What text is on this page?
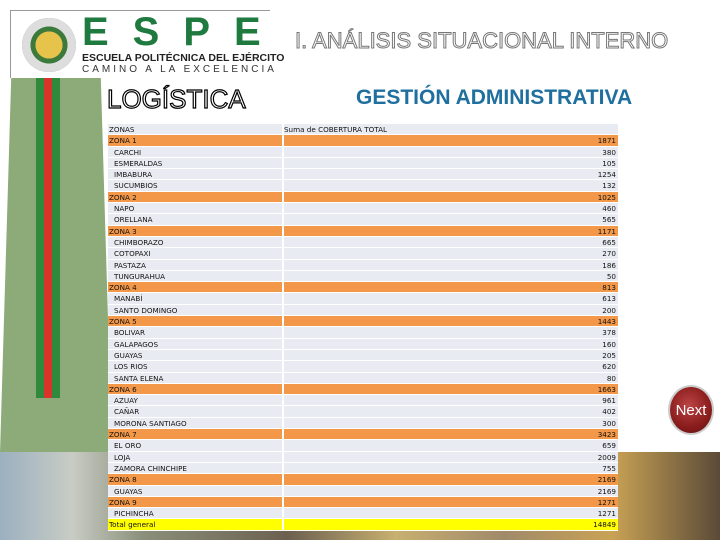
ESPE
ESCUELA POLITÉCNICA DEL EJÉRCITO
CAMINO A LA EXCELENCIA
I. ANÁLISIS SITUACIONAL INTERNO
LOGÍSTICA	GESTIÓN ADMINISTRATIVA
ZONAS	Suma de COBERTURA TOTAL
ZONA 1	1871
CARCHI	380
ESMERALDAS	105
IMBABURA	1254
SUCUMBIOS	132
ZONA 2	1025
NAPO	460
ORELLANA	565
ZONA 3	1171
CHIMBORAZO	665
COTOPAXI	270
PASTAZA	186
TUNGURAHUA	50
ZONA 4	813
MANABÍ	613
SANTO DOMINGO	200
ZONA 5	1443
BOLIVAR	378
GALAPAGOS	160
GUAYAS	205
LOS RIOS	620
SANTA ELENA	80
ZONA 6	1663
AZUAY	961
CAÑAR	402
MORONA SANTIAGO	300
ZONA 7	3423
EL ORO	659
LOJA	2009
ZAMORA CHINCHIPE	755
ZONA 8	2169
GUAYAS	2169
ZONA 9	1271
PICHINCHA	1271
Total general	14849
Next
